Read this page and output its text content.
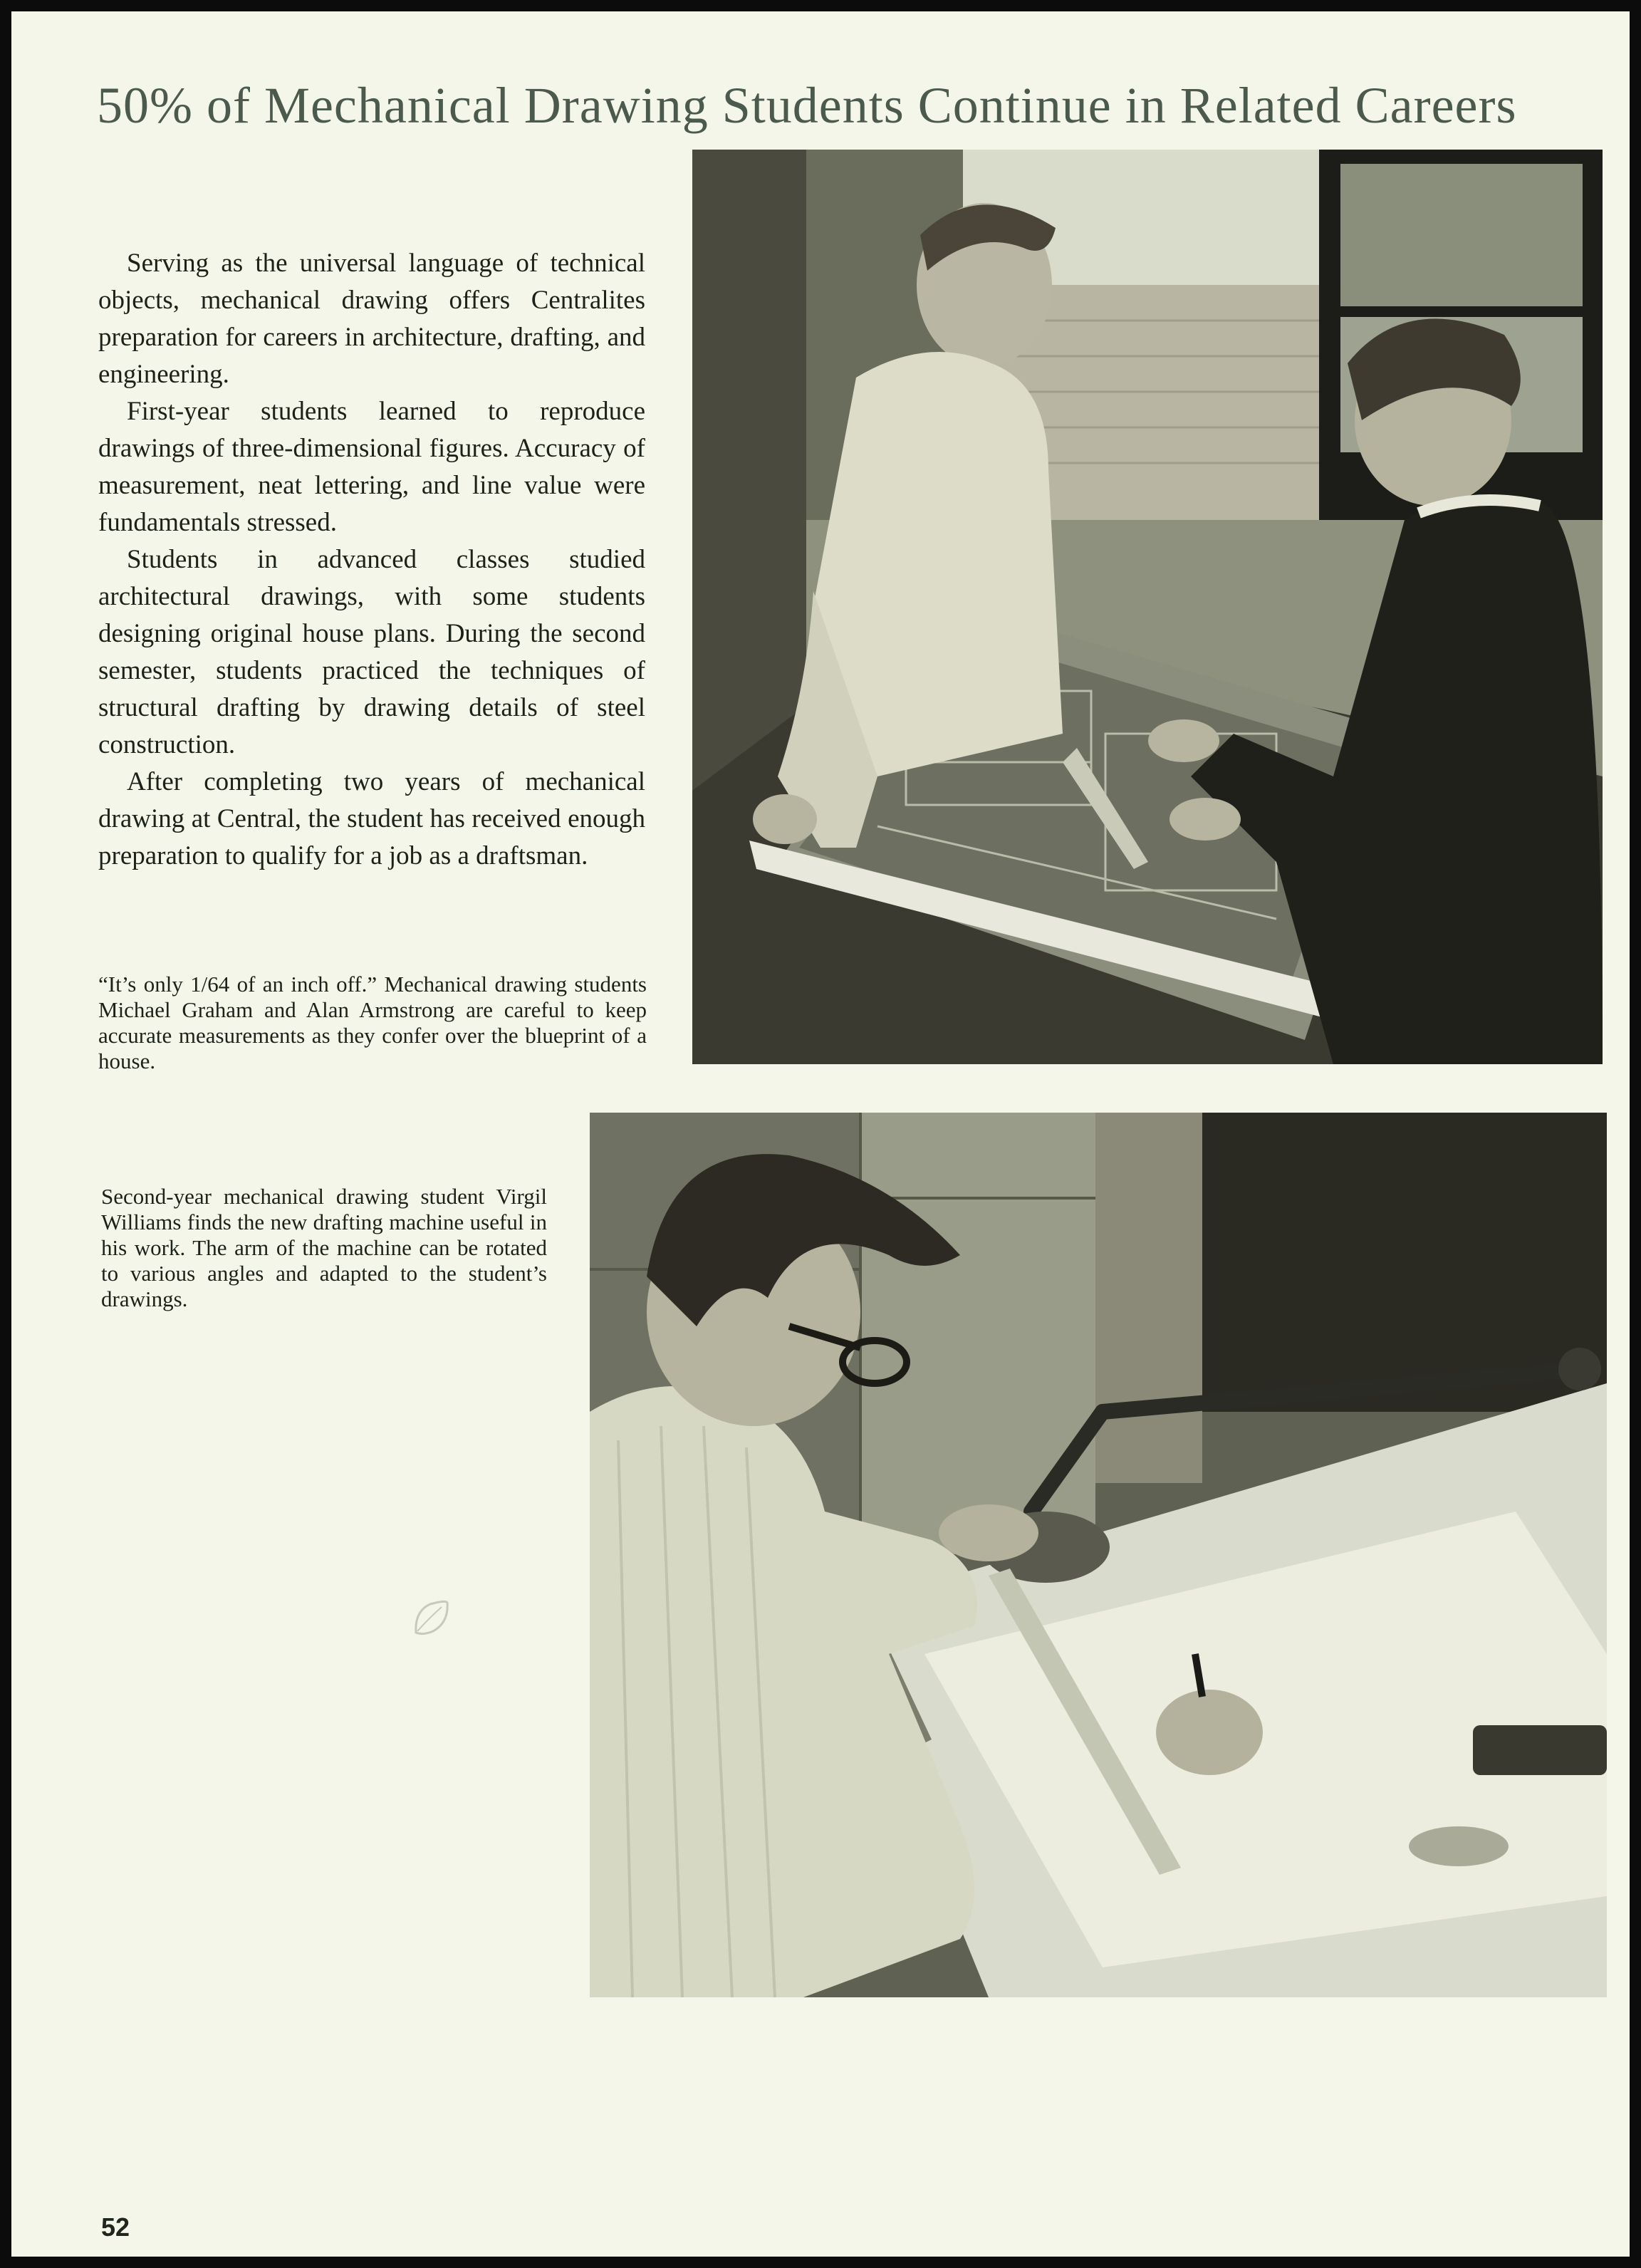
50% of Mechanical Drawing Students Continue in Related Careers

Serving as the universal language of technical objects, mechanical drawing offers Centralites preparation for careers in architecture, drafting, and engineering.

First-year students learned to reproduce drawings of three-dimensional figures. Accuracy of measurement, neat lettering, and line value were fundamentals stressed.

Students in advanced classes studied architectural drawings, with some students designing original house plans. During the second semester, students practiced the techniques of structural drafting by drawing details of steel construction.

After completing two years of mechanical drawing at Central, the student has received enough preparation to qualify for a job as a draftsman.

“It’s only 1/64 of an inch off.” Mechanical drawing students Michael Graham and Alan Armstrong are careful to keep accurate measurements as they confer over the blueprint of a house.

Second-year mechanical drawing student Virgil Williams finds the new drafting machine useful in his work. The arm of the machine can be rotated to various angles and adapted to the student’s drawings.

52
